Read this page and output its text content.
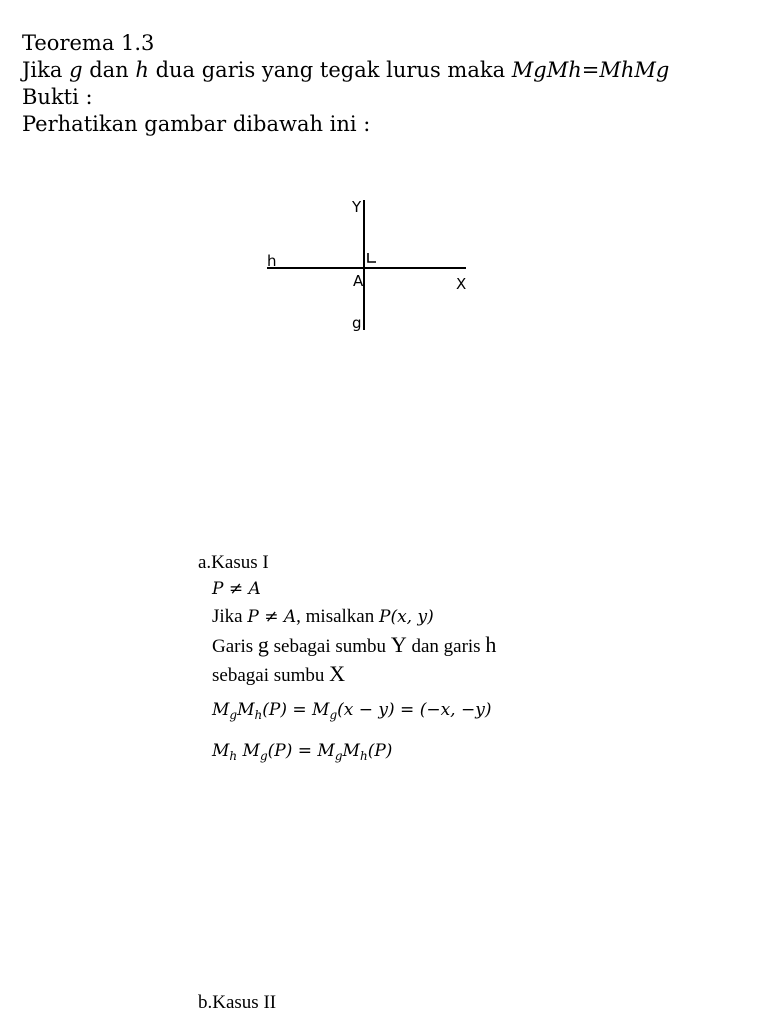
Teorema 1.3
Jika g dan h dua garis yang tegak lurus maka MgMh=MhMg
Bukti :
Perhatikan gambar dibawah ini :
Y
h
A	X
g
a.Kasus I
P ≠ A
Jika P ≠ A, misalkan P(x, y)
Garis g sebagai sumbu Y dan garis h
sebagai sumbu X
$M_gM_h(P) = M_g(x - y) = (-x$, −y)
$M_h$ $M_g(P) = M_gM_h(P)$
b.Kasus II
